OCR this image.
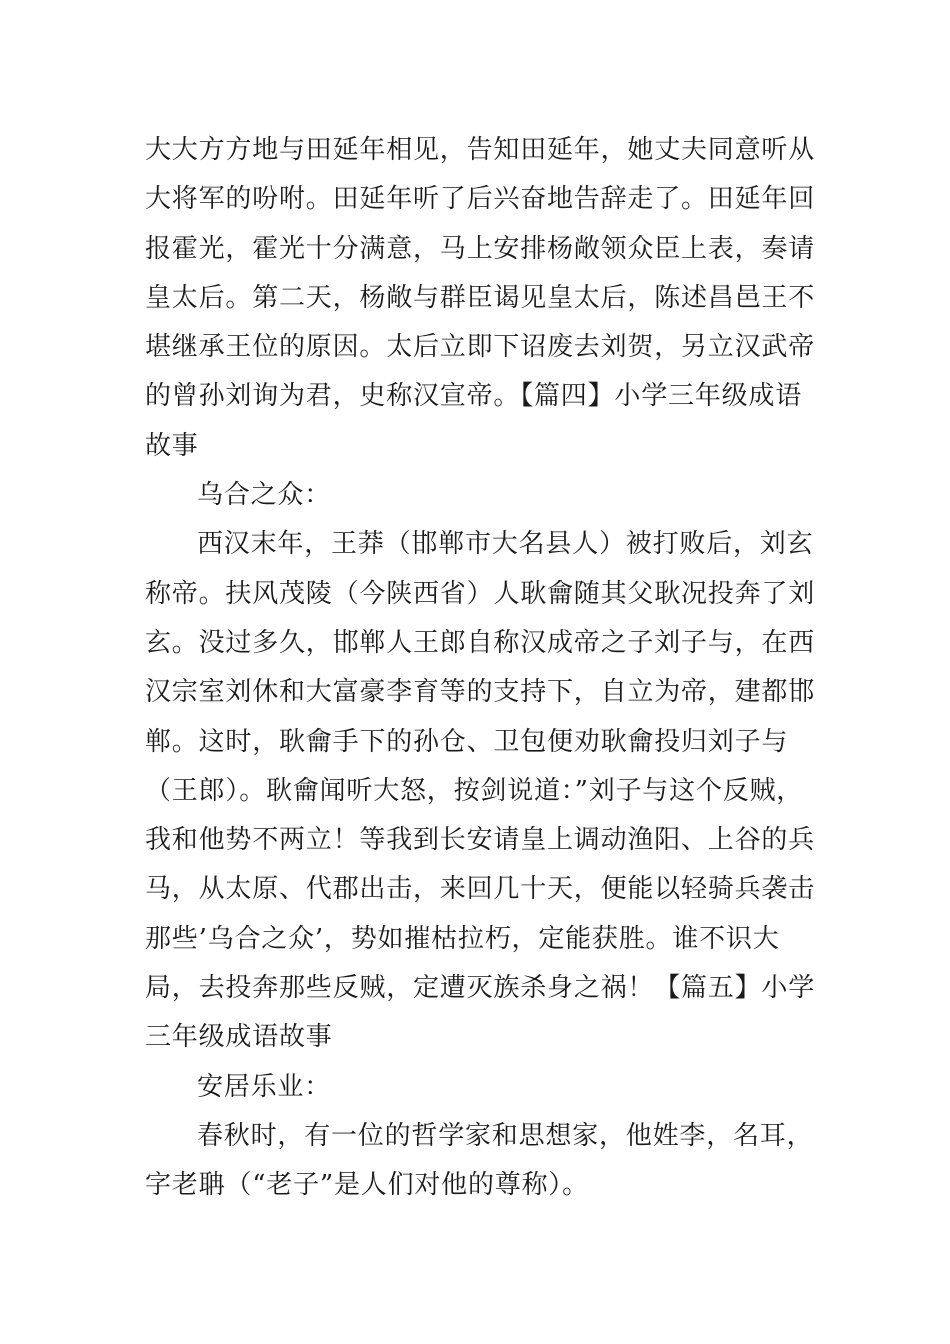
大大方方地与田延年相见，告知田延年，她丈夫同意听从
大将军的吩咐。田延年听了后兴奋地告辞走了。田延年回
报霍光，霍光十分满意，马上安排杨敞领众臣上表，奏请
皇太后。第二天，杨敞与群臣谒见皇太后，陈述昌邑王不
堪继承王位的原因。太后立即下诏废去刘贺，另立汉武帝
的曾孙刘询为君，史称汉宣帝。【篇四】小学三年级成语
故事
乌合之众：
西汉末年，王莽（邯郸市大名县人）被打败后，刘玄
称帝。扶风茂陵（今陕西省）人耿龠随其父耿况投奔了刘
玄。没过多久，邯郸人王郎自称汉成帝之子刘子与，在西
汉宗室刘休和大富豪李育等的支持下，自立为帝，建都邯
郸。这时，耿龠手下的孙仓、卫包便劝耿龠投归刘子与
（王郎）。耿龠闻听大怒，按剑说道：”刘子与这个反贼，
我和他势不两立！等我到长安请皇上调动渔阳、上谷的兵
马，从太原、代郡出击，来回几十天，便能以轻骑兵袭击
那些’乌合之众’，势如摧枯拉朽，定能获胜。谁不识大
局，去投奔那些反贼，定遭灭族杀身之祸！【篇五】小学
三年级成语故事
安居乐业：
春秋时，有一位的哲学家和思想家，他姓李，名耳，
字老聃（“老子”是人们对他的尊称）。
